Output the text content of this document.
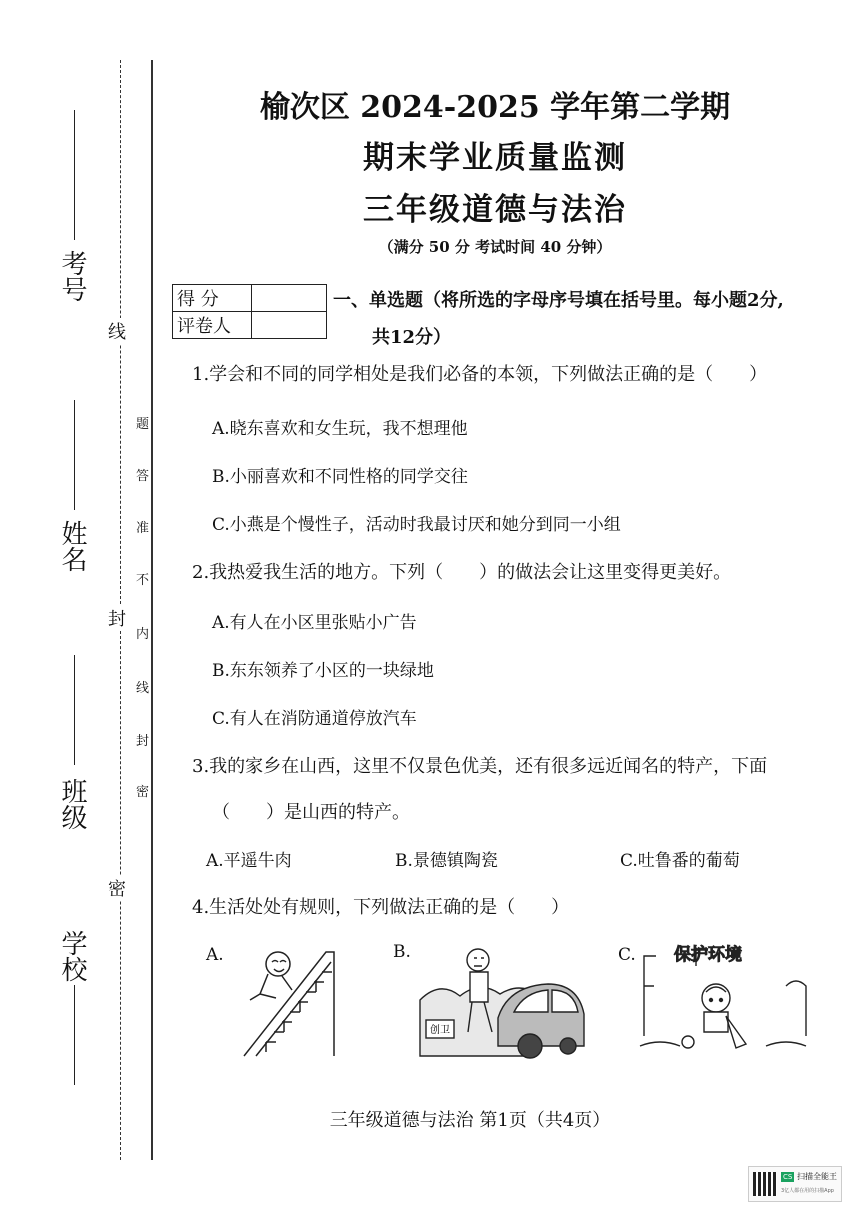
考号
姓名
班级
学校
线
封
密
题
答
准
不
内
线
封
密
榆次区 2024-2025 学年第二学期
期末学业质量监测
三年级道德与法治
（满分 50 分 考试时间 40 分钟）
得 分	
评卷人	
一、单选题（将所选的字母序号填在括号里。每小题2分,
共12分）
1.学会和不同的同学相处是我们必备的本领，下列做法正确的是（　　）
A.晓东喜欢和女生玩，我不想理他
B.小丽喜欢和不同性格的同学交往
C.小燕是个慢性子，活动时我最讨厌和她分到同一小组
2.我热爱我生活的地方。下列（　　）的做法会让这里变得更美好。
A.有人在小区里张贴小广告
B.东东领养了小区的一块绿地
C.有人在消防通道停放汽车
3.我的家乡在山西，这里不仅景色优美，还有很多远近闻名的特产，下面
（　　）是山西的特产。
A.平遥牛肉	B.景德镇陶瓷	C.吐鲁番的葡萄
4.生活处处有规则，下列做法正确的是（　　）
A.	B.	C.
创卫
保护环境
三年级道德与法治 第1页（共4页）
CS 扫描全能王
3亿人都在用的扫描App
